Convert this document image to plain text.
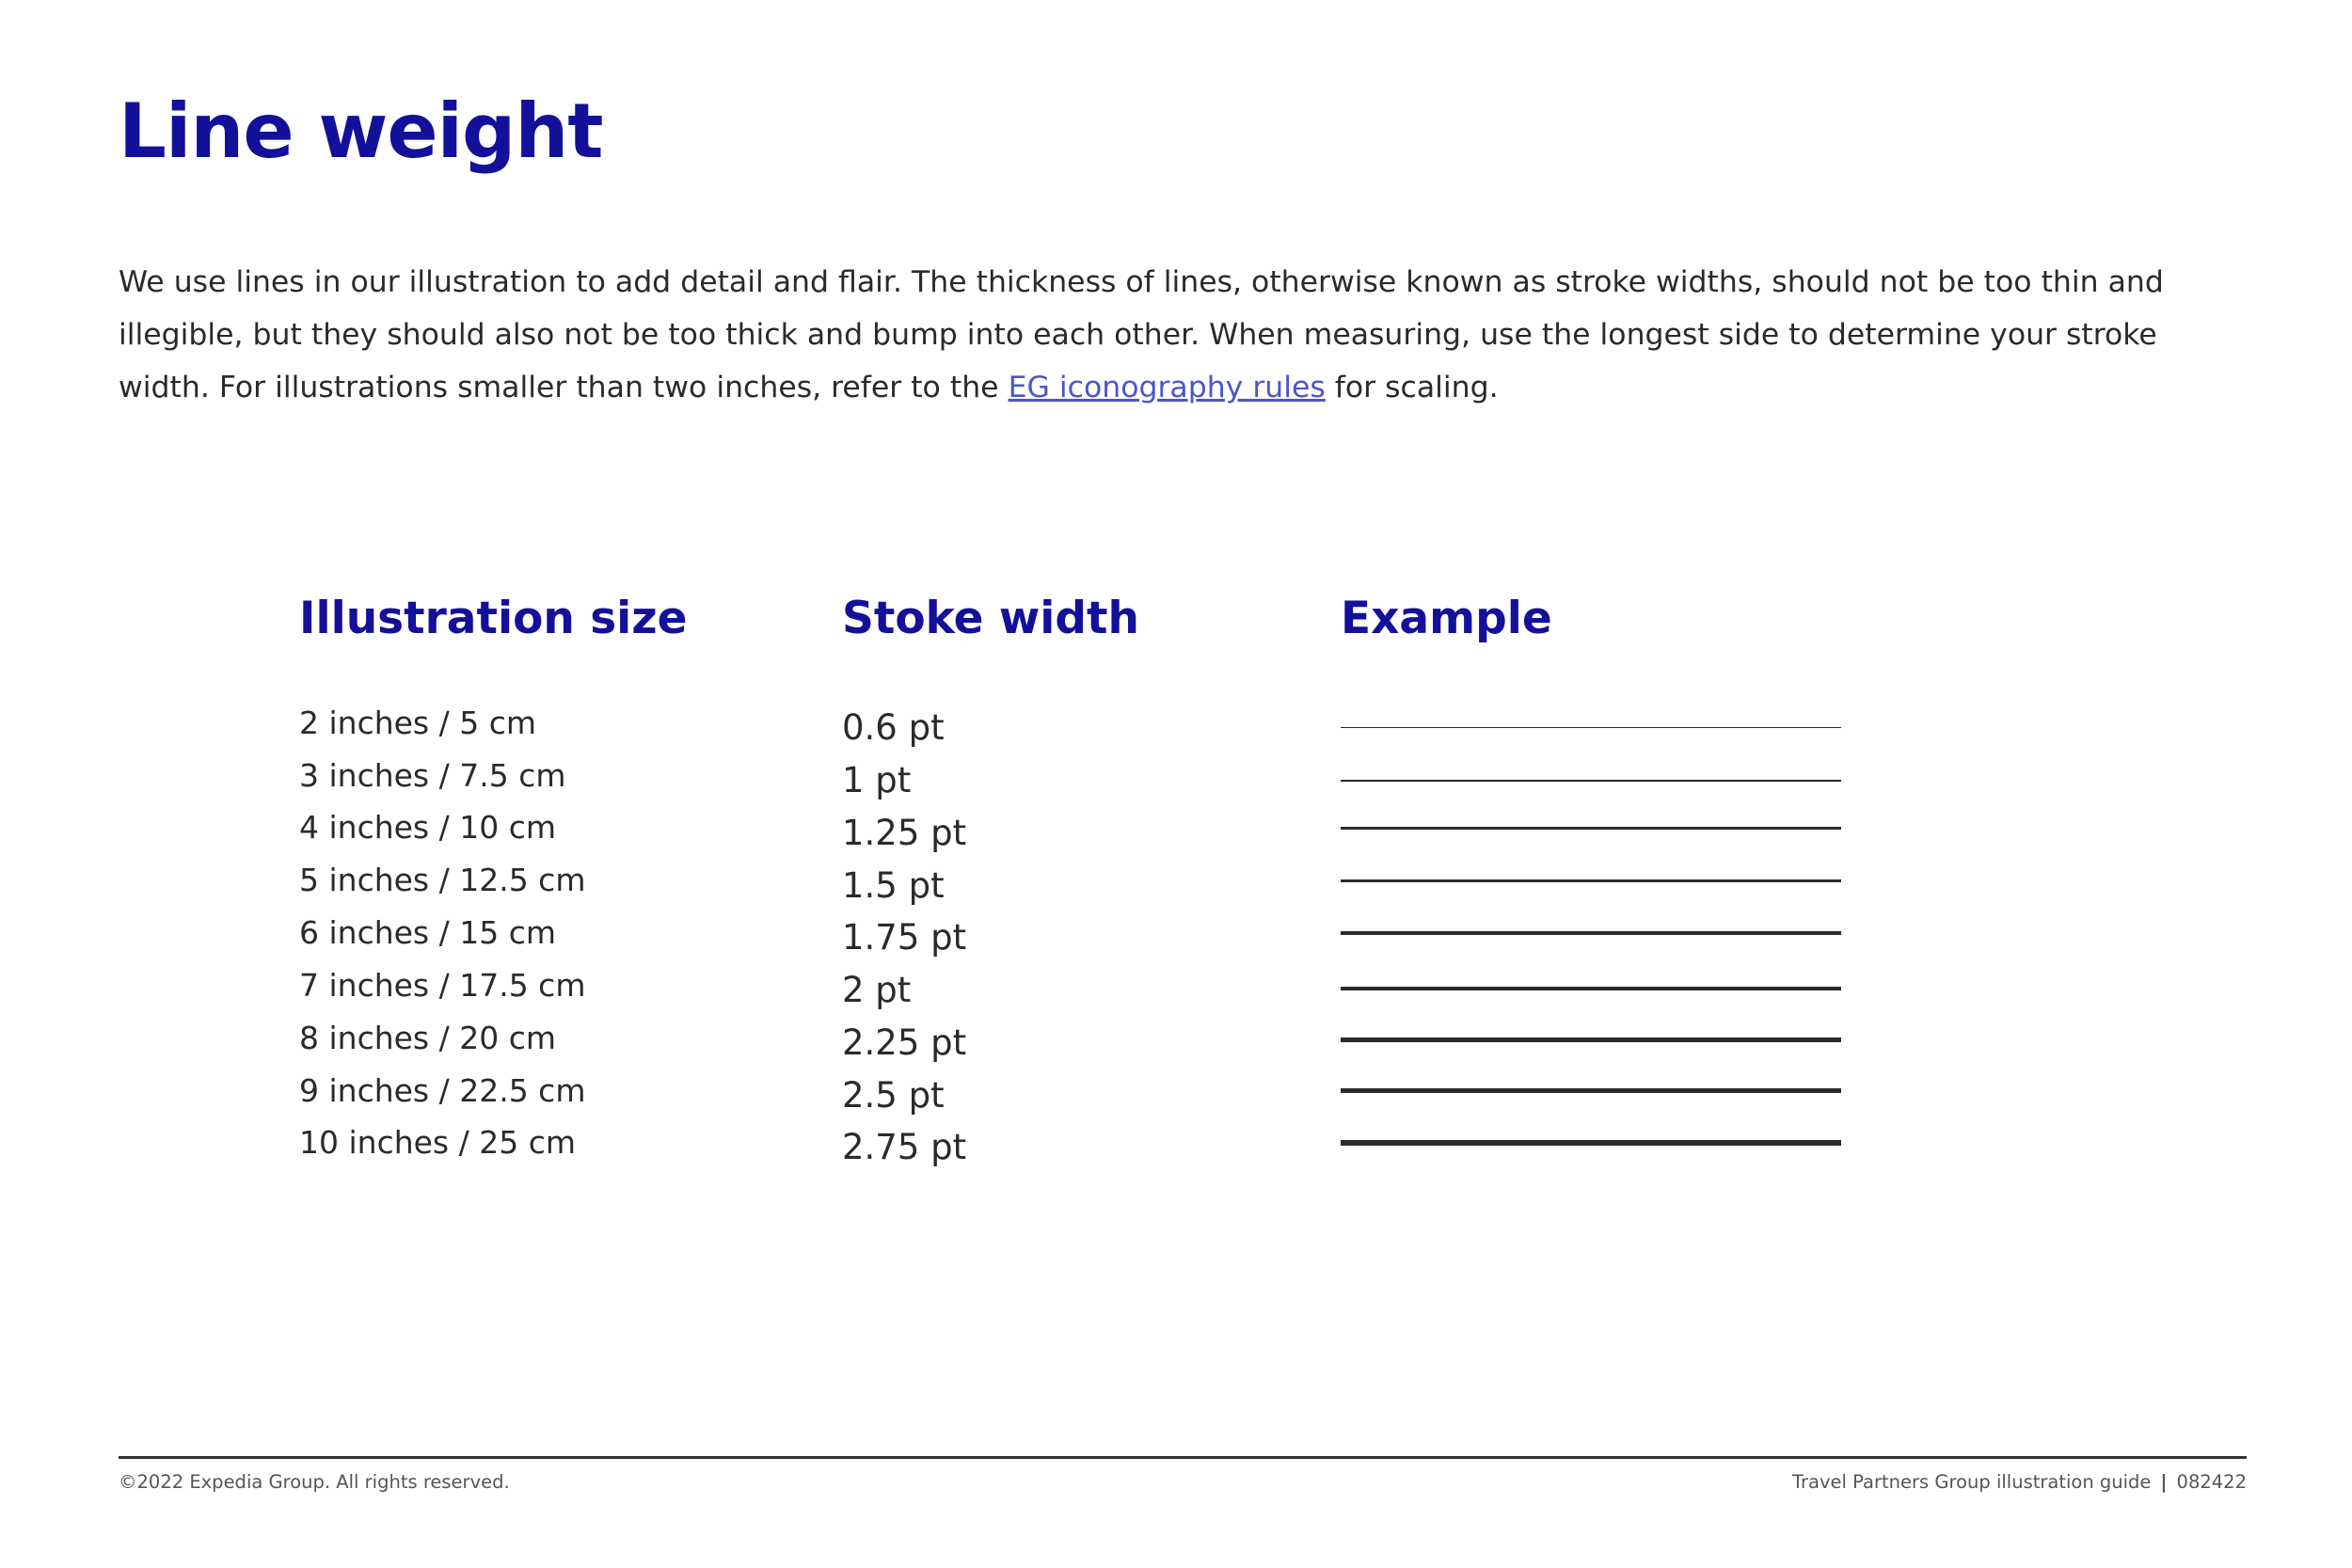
Line weight

We use lines in our illustration to add detail and flair. The thickness of lines, otherwise known as stroke widths, should not be too thin and illegible, but they should also not be too thick and bump into each other. When measuring, use the longest side to determine your stroke width. For illustrations smaller than two inches, refer to the EG iconography rules for scaling.

Illustration size	Stoke width	Example
2 inches / 5 cm	0.6 pt
3 inches / 7.5 cm	1 pt
4 inches / 10 cm	1.25 pt
5 inches / 12.5 cm	1.5 pt
6 inches / 15 cm	1.75 pt
7 inches / 17.5 cm	2 pt
8 inches / 20 cm	2.25 pt
9 inches / 22.5 cm	2.5 pt
10 inches / 25 cm	2.75 pt
©2022 Expedia Group. All rights reserved.	Travel Partners Group illustration guide | 082422
